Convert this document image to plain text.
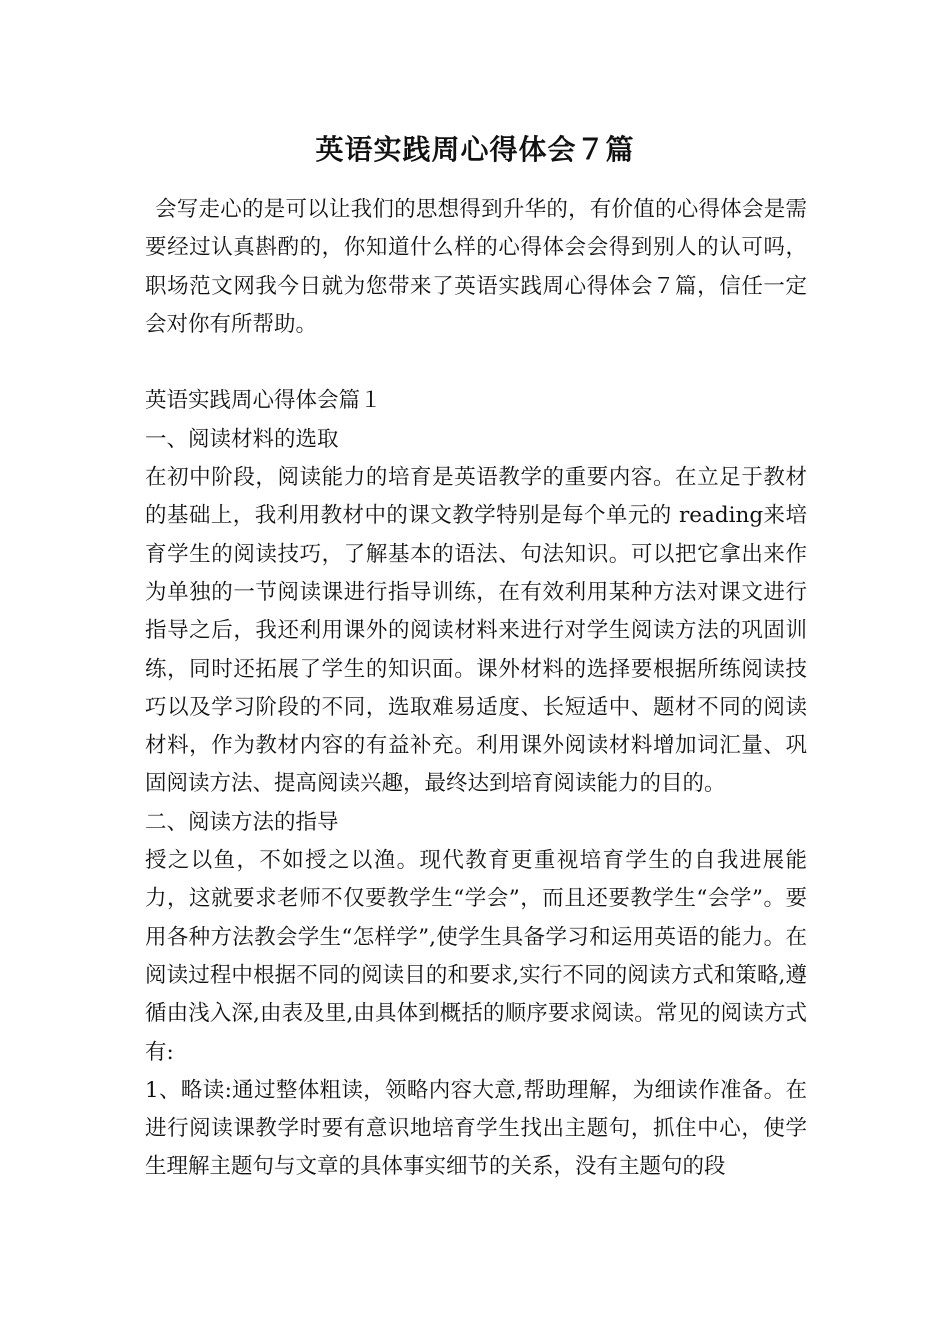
英语实践周心得体会７篇

会写走心的是可以让我们的思想得到升华的，有价值的心得体会是需要经过认真斟酌的，你知道什么样的心得体会会得到别人的认可吗，职场范文网我今日就为您带来了英语实践周心得体会７篇，信任一定会对你有所帮助。

英语实践周心得体会篇１

一、阅读材料的选取

在初中阶段，阅读能力的培育是英语教学的重要内容。在立足于教材的基础上，我利用教材中的课文教学特别是每个单元的 reading来培育学生的阅读技巧，了解基本的语法、句法知识。可以把它拿出来作为单独的一节阅读课进行指导训练，在有效利用某种方法对课文进行指导之后，我还利用课外的阅读材料来进行对学生阅读方法的巩固训练，同时还拓展了学生的知识面。课外材料的选择要根据所练阅读技巧以及学习阶段的不同，选取难易适度、长短适中、题材不同的阅读材料，作为教材内容的有益补充。利用课外阅读材料增加词汇量、巩固阅读方法、提高阅读兴趣，最终达到培育阅读能力的目的。

二、阅读方法的指导

授之以鱼，不如授之以渔。现代教育更重视培育学生的自我进展能力，这就要求老师不仅要教学生“学会”，而且还要教学生“会学”。要用各种方法教会学生“怎样学”,使学生具备学习和运用英语的能力。在阅读过程中根据不同的阅读目的和要求,实行不同的阅读方式和策略,遵循由浅入深,由表及里,由具体到概括的顺序要求阅读。常见的阅读方式有:

1、略读:通过整体粗读，领略内容大意,帮助理解，为细读作准备。在进行阅读课教学时要有意识地培育学生找出主题句，抓住中心，使学生理解主题句与文章的具体事实细节的关系，没有主题句的段
